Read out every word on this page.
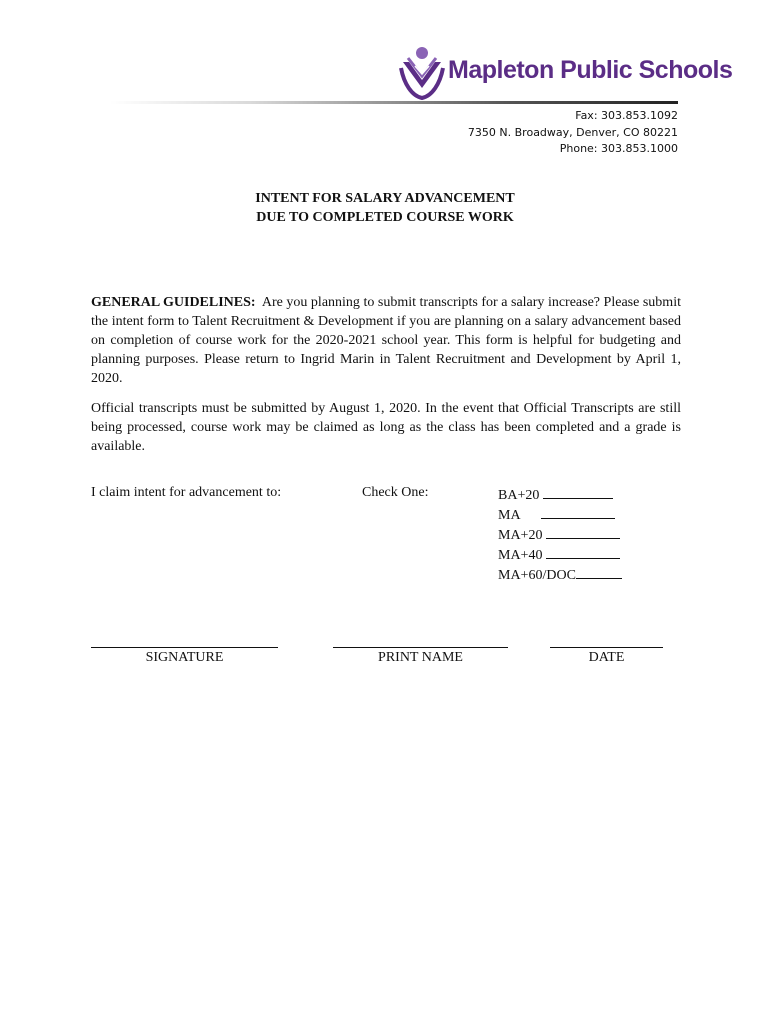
Mapleton Public Schools
Fax: 303.853.1092
7350 N. Broadway, Denver, CO 80221
Phone: 303.853.1000
INTENT FOR SALARY ADVANCEMENT
DUE TO COMPLETED COURSE WORK
GENERAL GUIDELINES: Are you planning to submit transcripts for a salary increase? Please submit the intent form to Talent Recruitment & Development if you are planning on a salary advancement based on completion of course work for the 2020-2021 school year. This form is helpful for budgeting and planning purposes. Please return to Ingrid Marin in Talent Recruitment and Development by April 1, 2020.
Official transcripts must be submitted by August 1, 2020. In the event that Official Transcripts are still being processed, course work may be claimed as long as the class has been completed and a grade is available.
I claim intent for advancement to:	Check One:	BA+20
MA
MA+20
MA+40
MA+60/DOC
SIGNATURE	PRINT NAME	DATE
